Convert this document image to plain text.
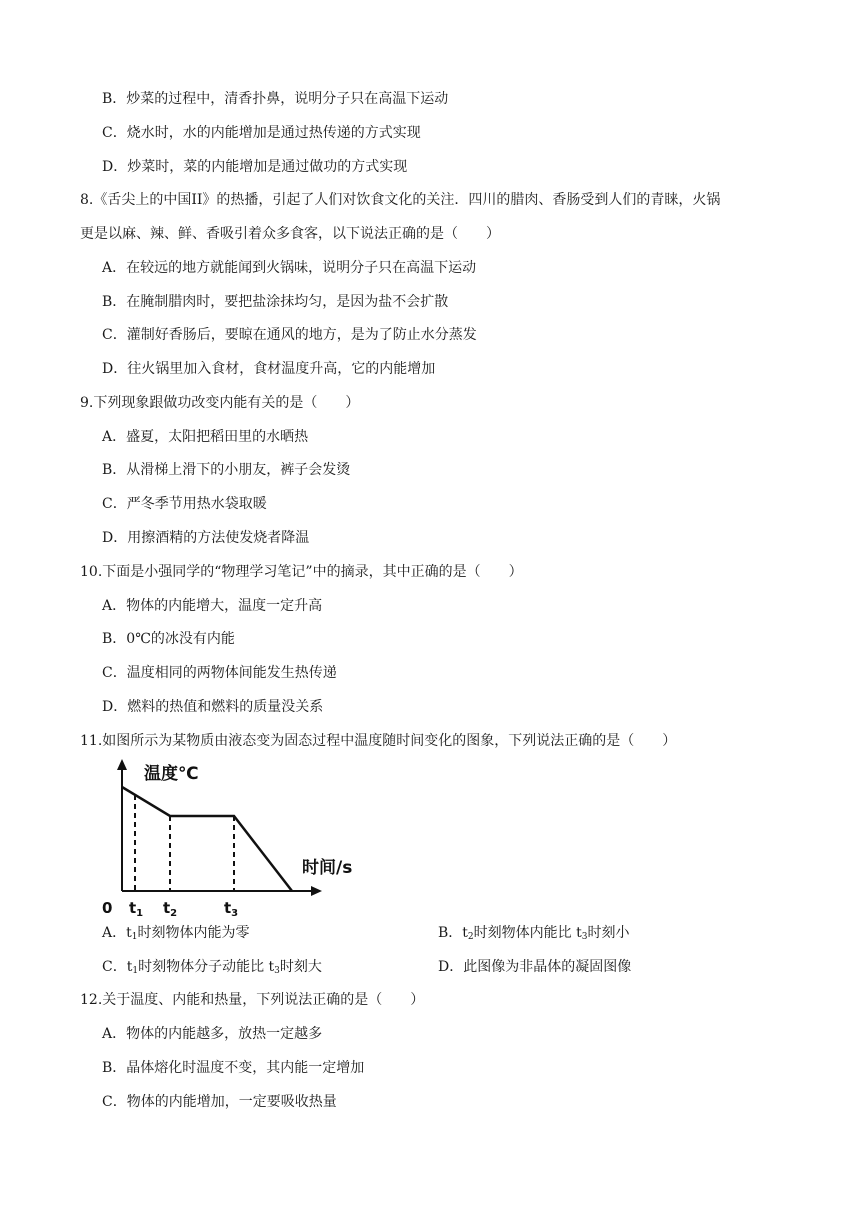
B．炒菜的过程中，清香扑鼻，说明分子只在高温下运动
C．烧水时，水的内能增加是通过热传递的方式实现
D．炒菜时，菜的内能增加是通过做功的方式实现
8.《舌尖上的中国II》的热播，引起了人们对饮食文化的关注．四川的腊肉、香肠受到人们的青睐，火锅
更是以麻、辣、鲜、香吸引着众多食客，以下说法正确的是（　　）
A．在较远的地方就能闻到火锅味，说明分子只在高温下运动
B．在腌制腊肉时，要把盐涂抹均匀，是因为盐不会扩散
C．灌制好香肠后，要晾在通风的地方，是为了防止水分蒸发
D．往火锅里加入食材，食材温度升高，它的内能增加
9.下列现象跟做功改变内能有关的是（　　）
A．盛夏，太阳把稻田里的水晒热
B．从滑梯上滑下的小朋友，裤子会发烫
C．严冬季节用热水袋取暖
D．用擦酒精的方法使发烧者降温
10.下面是小强同学的“物理学习笔记”中的摘录，其中正确的是（　　）
A．物体的内能增大，温度一定升高
B．0℃的冰没有内能
C．温度相同的两物体间能发生热传递
D．燃料的热值和燃料的质量没关系
11.如图所示为某物质由液态变为固态过程中温度随时间变化的图象，下列说法正确的是（　　）
温度℃
时间/s
0 $t_1$ $t_2$	$t_3$
A．$t_1$时刻物体内能为零	B．$t_2$时刻物体内能比 $t_3$时刻小
C．$t_1$时刻物体分子动能比 $t_3$时刻大	D．此图像为非晶体的凝固图像
12.关于温度、内能和热量，下列说法正确的是（　　）
A．物体的内能越多，放热一定越多
B．晶体熔化时温度不变，其内能一定增加
C．物体的内能增加，一定要吸收热量
